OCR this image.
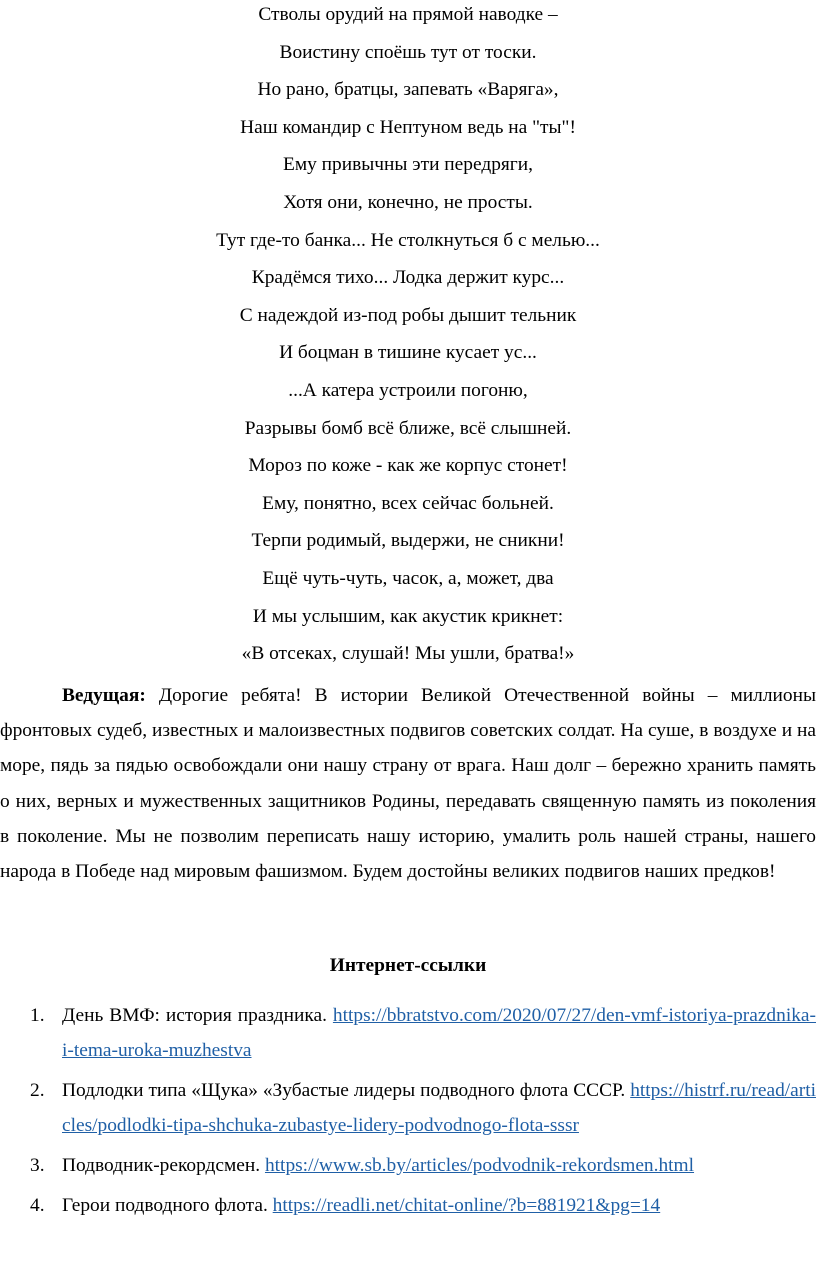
Стволы орудий на прямой наводке –
Воистину споёшь тут от тоски.
Но рано, братцы, запевать «Варяга»,
Наш командир с Нептуном ведь на "ты"!
Ему привычны эти передряги,
Хотя они, конечно, не просты.
Тут где-то банка... Не столкнуться б с мелью...
Крадёмся тихо... Лодка держит курс...
С надеждой из-под робы дышит тельник
И боцман в тишине кусает ус...
...А катера устроили погоню,
Разрывы бомб всё ближе, всё слышней.
Мороз по коже - как же корпус стонет!
Ему, понятно, всех сейчас больней.
Терпи родимый, выдержи, не сникни!
Ещё чуть-чуть, часок, а, может, два
И мы услышим, как акустик крикнет:
«В отсеках, слушай! Мы ушли, братва!»

Ведущая: Дорогие ребята! В истории Великой Отечественной войны – миллионы фронтовых судеб, известных и малоизвестных подвигов советских солдат. На суше, в воздухе и на море, пядь за пядью освобождали они нашу страну от врага. Наш долг – бережно хранить память о них, верных и мужественных защитников Родины, передавать священную память из поколения в поколение. Мы не позволим переписать нашу историю, умалить роль нашей страны, нашего народа в Победе над мировым фашизмом. Будем достойны великих подвигов наших предков!

Интернет-ссылки
1. День ВМФ: история праздника. https://bbratstvo.com/2020/07/27/den-vmf-istoriya-prazdnika-i-tema-uroka-muzhestva
2. Подлодки типа «Щука» «Зубастые лидеры подводного флота СССР. https://histrf.ru/read/articles/podlodki-tipa-shchuka-zubastye-lidery-podvodnogo-flota-sssr
3. Подводник-рекордсмен. https://www.sb.by/articles/podvodnik-rekordsmen.html
4. Герои подводного флота. https://readli.net/chitat-online/?b=881921&pg=14
